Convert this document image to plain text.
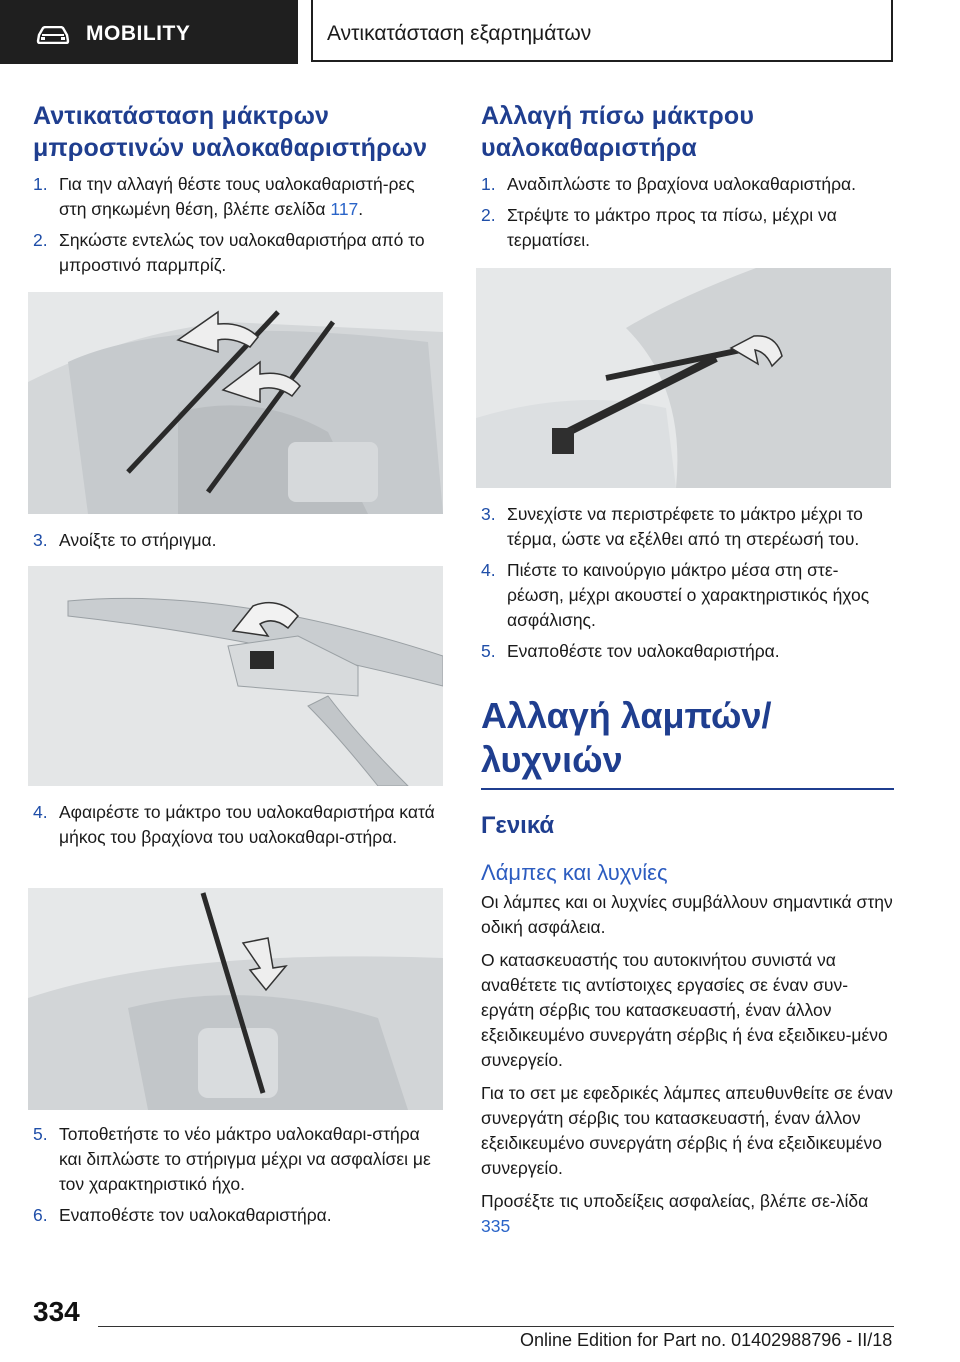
MOBILITY	Αντικατάσταση εξαρτημάτων
Αντικατάσταση μάκτρων μπροστινών υαλοκαθαριστήρων
1. Για την αλλαγή θέστε τους υαλοκαθαριστή‐ρες στη σηκωμένη θέση, βλέπε σελίδα 117.
2. Σηκώστε εντελώς τον υαλοκαθαριστήρα από το μπροστινό παρμπρίζ.
3. Ανοίξτε το στήριγμα.
4. Αφαιρέστε το μάκτρο του υαλοκαθαριστήρα κατά μήκος του βραχίονα του υαλοκαθαρι‐στήρα.
5. Τοποθετήστε το νέο μάκτρο υαλοκαθαρι‐στήρα και διπλώστε το στήριγμα μέχρι να ασφαλίσει με τον χαρακτηριστικό ήχο.
6. Εναποθέστε τον υαλοκαθαριστήρα.
Αλλαγή πίσω μάκτρου υαλοκαθαριστήρα
1. Αναδιπλώστε το βραχίονα υαλοκαθαριστήρα.
2. Στρέψτε το μάκτρο προς τα πίσω, μέχρι να τερματίσει.
3. Συνεχίστε να περιστρέφετε το μάκτρο μέχρι το τέρμα, ώστε να εξέλθει από τη στερέωσή του.
4. Πιέστε το καινούργιο μάκτρο μέσα στη στε‐ρέωση, μέχρι ακουστεί ο χαρακτηριστικός ήχος ασφάλισης.
5. Εναποθέστε τον υαλοκαθαριστήρα.
Αλλαγή λαμπών/λυχνιών
Γενικά
Λάμπες και λυχνίες

Οι λάμπες και οι λυχνίες συμβάλλουν σημαντικά στην οδική ασφάλεια.

Ο κατασκευαστής του αυτοκινήτου συνιστά να αναθέτετε τις αντίστοιχες εργασίες σε έναν συν‐εργάτη σέρβις του κατασκευαστή, έναν άλλον εξειδικευμένο συνεργάτη σέρβις ή ένα εξειδικευ‐μένο συνεργείο.

Για το σετ με εφεδρικές λάμπες απευθυνθείτε σε έναν συνεργάτη σέρβις του κατασκευαστή, έναν άλλον εξειδικευμένο συνεργάτη σέρβις ή ένα εξειδικευμένο συνεργείο.

Προσέξτε τις υποδείξεις ασφαλείας, βλέπε σε‐λίδα 335

334
Online Edition for Part no. 01402988796 - II/18
